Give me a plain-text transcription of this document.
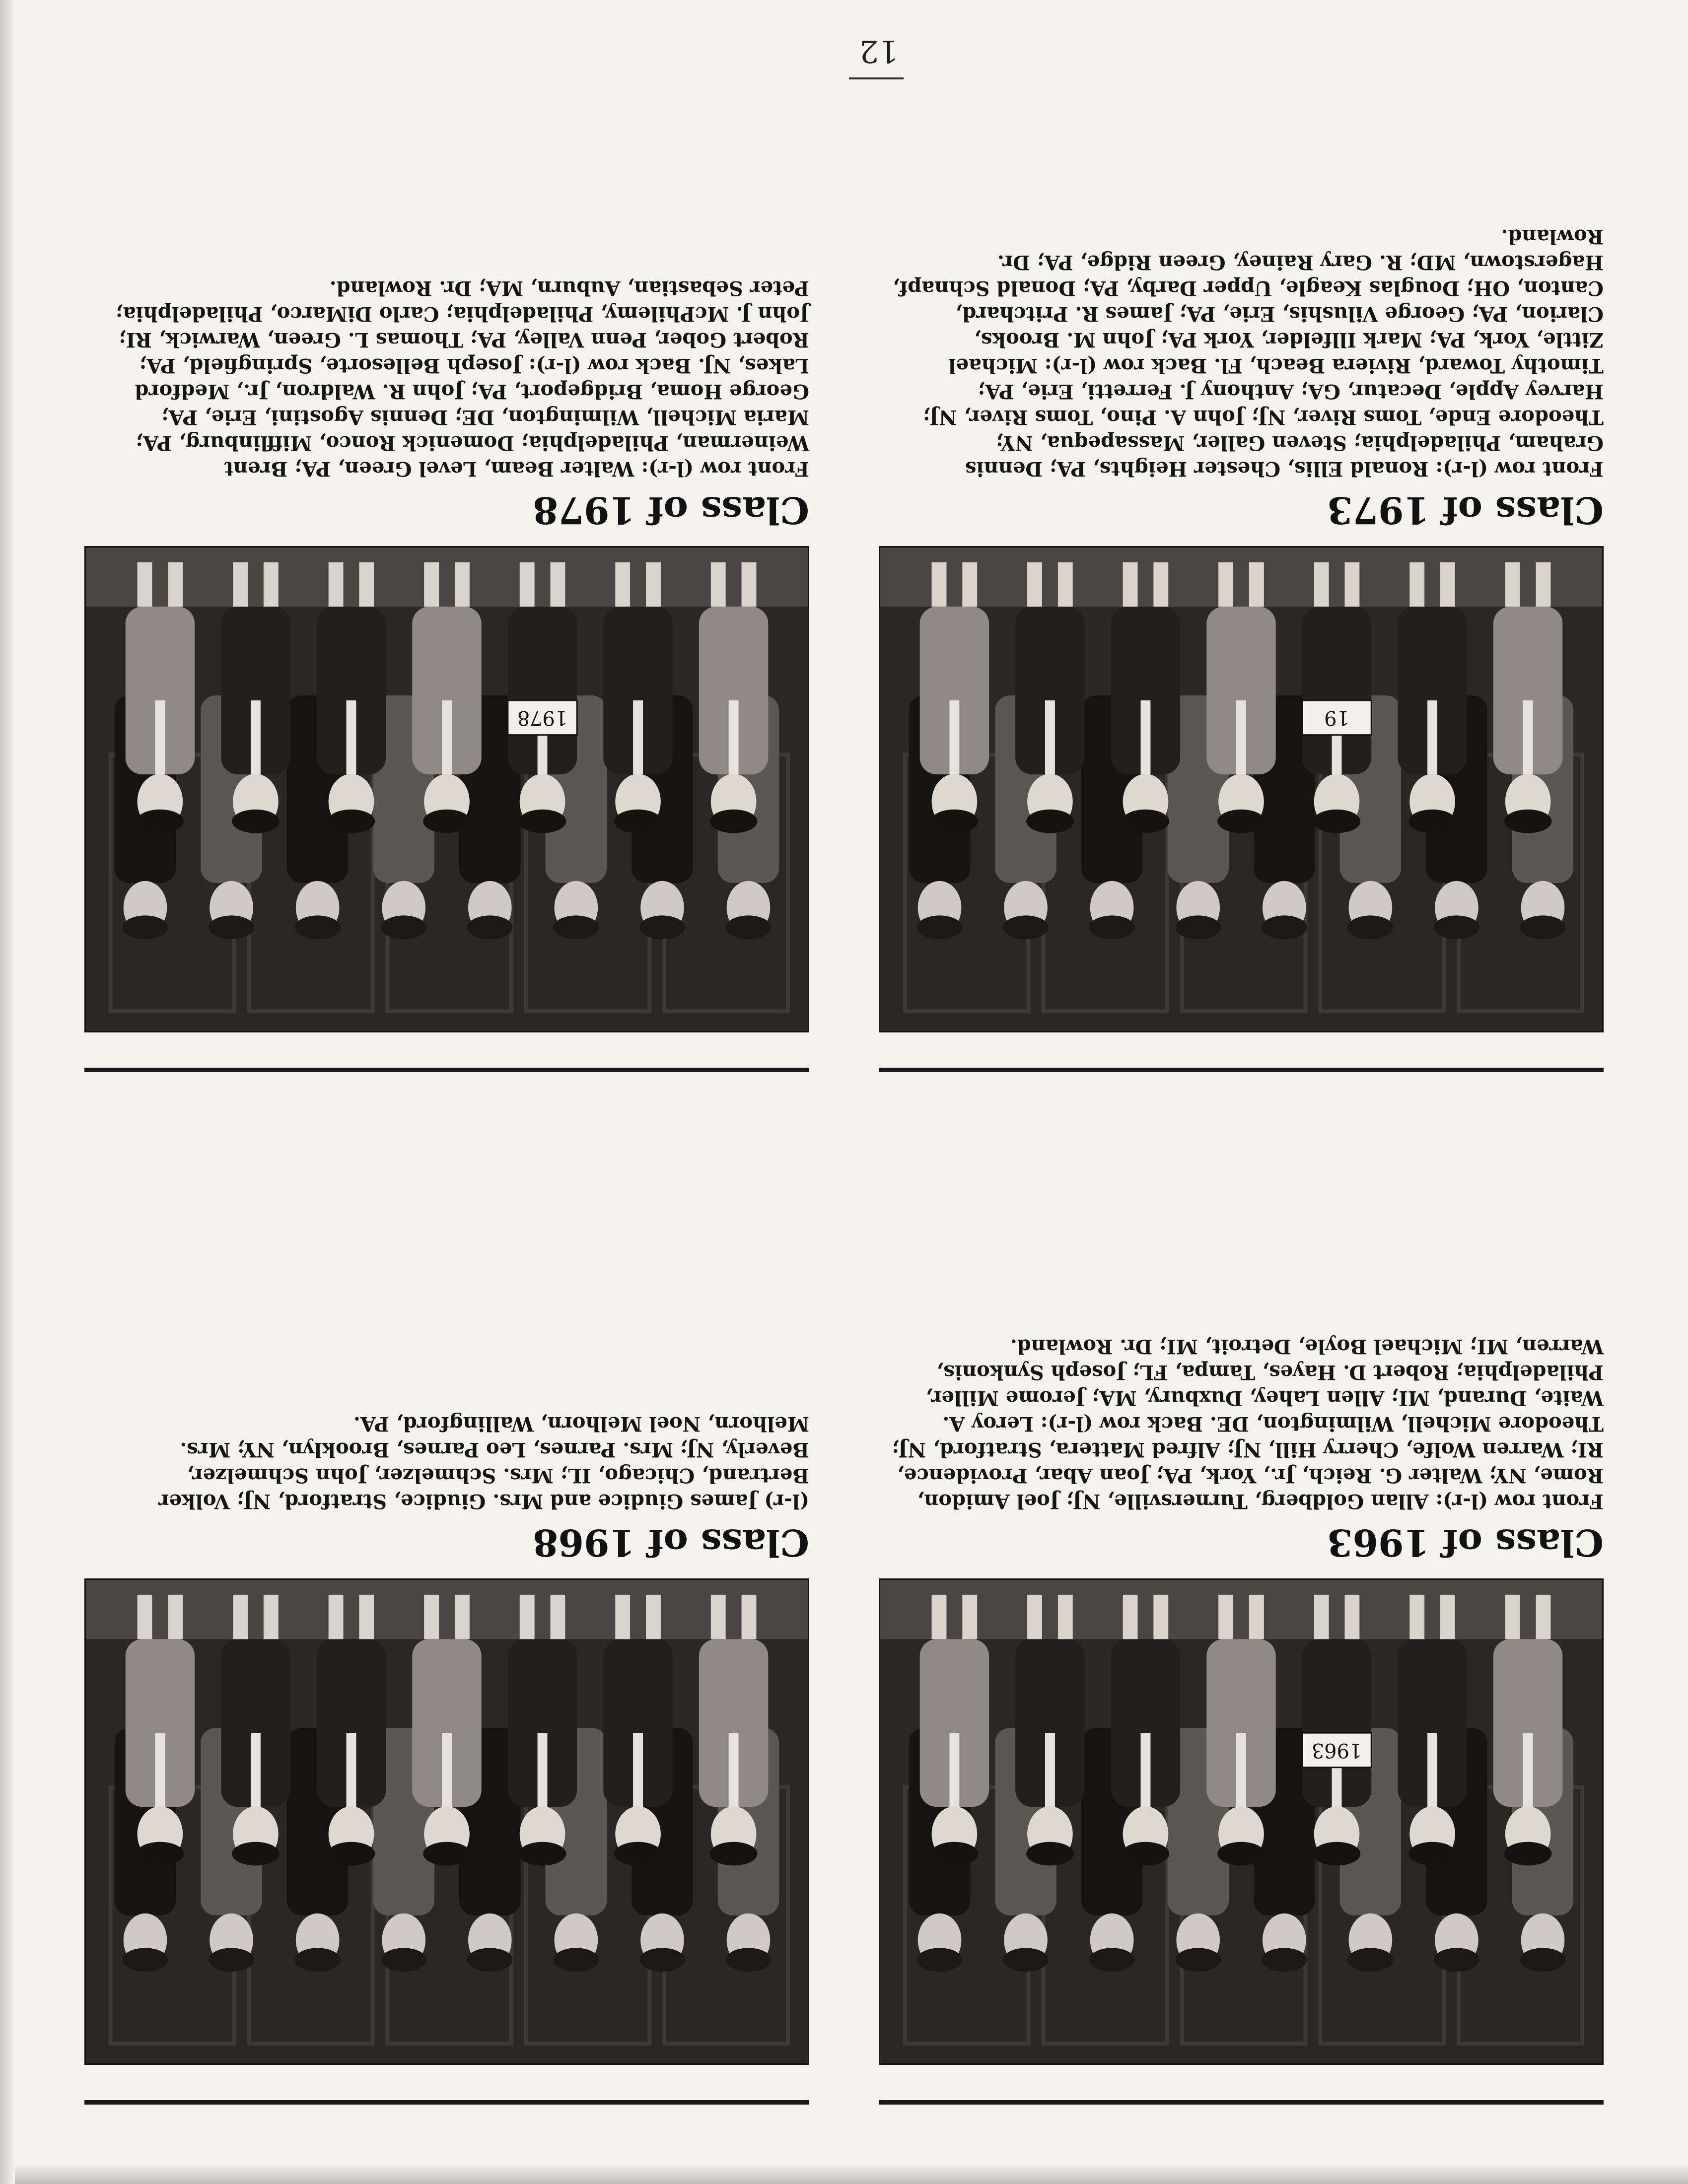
1963
Class of 1963

Front row (l-r): Allan Goldberg, Turnersville, NJ; Joel Amidon, Rome, NY; Walter G. Reich, Jr., York, PA; Joan Abar, Providence, RI; Warren Wolfe, Cherry Hill, NJ; Alfred Mattera, Stratford, NJ; Theodore Michell, Wilmington, DE. Back row (l-r): Leroy A. Waite, Durand, MI; Allen Lahey, Duxbury, MA; Jerome Miller, Philadelphia; Robert D. Hayes, Tampa, FL; Joseph Synkonis, Warren, MI; Michael Boyle, Detroit, MI; Dr. Rowland.

Class of 1968

(l-r) James Giudice and Mrs. Giudice, Stratford, NJ; Volker Bertrand, Chicago, IL; Mrs. Schmelzer, John Schmelzer, Beverly, NJ; Mrs. Parnes, Leo Parnes, Brooklyn, NY; Mrs. Melhorn, Noel Melhorn, Wallingford, PA.

19
Class of 1973

Front row (l-r): Ronald Ellis, Chester Heights, PA; Dennis Graham, Philadelphia; Steven Galler, Massapequa, NY; Theodore Ende, Toms River, NJ; John A. Pino, Toms River, NJ; Harvey Apple, Decatur, GA; Anthony J. Ferretti, Erie, PA; Timothy Toward, Riviera Beach, Fl. Back row (l-r): Michael Zittle, York, PA; Mark Illfelder, York PA; John M. Brooks, Clarion, PA; George Vilushis, Erie, PA; James R. Pritchard, Canton, OH; Douglas Keagle, Upper Darby, PA; Donald Schnapf, Hagerstown, MD; R. Gary Rainey, Green Ridge, PA; Dr. Rowland.

1978
Class of 1978

Front row (l-r): Walter Beam, Level Green, PA; Brent Weinerman, Philadelphia; Domenick Ronco, Mifflinburg, PA; Maria Michell, Wilmington, DE; Dennis Agostini, Erie, PA; George Homa, Bridgeport, PA; John R. Waldron, Jr., Medford Lakes, NJ. Back row (l-r): Joseph Bellesorte, Springfield, PA; Robert Gober, Penn Valley, PA; Thomas L. Green, Warwick, RI; John J. McPhilemy, Philadelphia; Carlo DiMarco, Philadelphia; Peter Sebastian, Auburn, MA; Dr. Rowland.

12
